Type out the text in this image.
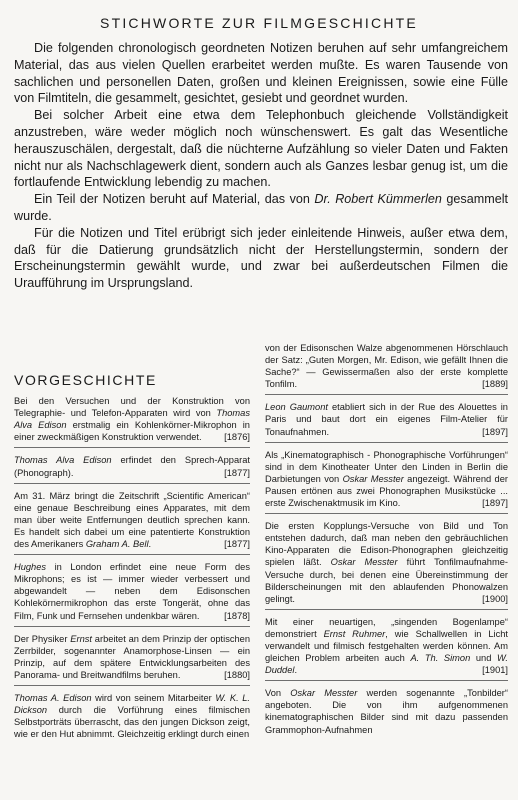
STICHWORTE ZUR FILMGESCHICHTE

Die folgenden chronologisch geordneten Notizen beruhen auf sehr umfangreichem Material, das aus vielen Quellen erarbeitet werden mußte. Es waren Tausende von sachlichen und personellen Daten, großen und kleinen Ereignissen, sowie eine Fülle von Filmtiteln, die gesammelt, gesichtet, gesiebt und geordnet wurden.

Bei solcher Arbeit eine etwa dem Telephonbuch gleichende Vollständigkeit anzustreben, wäre weder möglich noch wünschenswert. Es galt das Wesentliche herauszuschälen, dergestalt, daß die nüchterne Aufzählung so vieler Daten und Fakten nicht nur als Nachschlagewerk dient, sondern auch als Ganzes lesbar genug ist, um die fortlaufende Entwicklung lebendig zu machen.

Ein Teil der Notizen beruht auf Material, das von Dr. Robert Kümmerlen gesammelt wurde.

Für die Notizen und Titel erübrigt sich jeder einleitende Hinweis, außer etwa dem, daß für die Datierung grundsätzlich nicht der Herstellungstermin, sondern der Erscheinungstermin gewählt wurde, und zwar bei außerdeutschen Filmen die Uraufführung im Ursprungsland.

VORGESCHICHTE
Bei den Versuchen und der Konstruktion von Telegraphie- und Telefon-Apparaten wird von Thomas Alva Edison erstmalig ein Kohlenkörner-Mikrophon in einer zweckmäßigen Konstruktion verwendet. [1876]
Thomas Alva Edison erfindet den Sprech-Apparat (Phonograph).	[1877]
Am 31. März bringt die Zeitschrift „Scientific American“ eine genaue Beschreibung eines Apparates, mit dem man über weite Entfernungen deutlich sprechen kann. Es handelt sich dabei um eine patentierte Konstruktion des Amerikaners Graham A. Bell.	[1877]
Hughes in London erfindet eine neue Form des Mikrophons; es ist — immer wieder verbessert und abgewandelt — neben dem Edisonschen Kohlekörnermikrophon das erste Tongerät, ohne das Film, Funk und Fernsehen undenkbar wären.	[1878]
Der Physiker Ernst arbeitet an dem Prinzip der optischen Zerrbilder, sogenannter Anamorphose-Linsen — ein Prinzip, auf dem spätere Entwicklungsarbeiten des Panorama- und Breitwandfilms beruhen.	[1880]
Thomas A. Edison wird von seinem Mitarbeiter W. K. L. Dickson durch die Vorführung eines filmischen Selbstporträts überrascht, das den jungen Dickson zeigt, wie er den Hut abnimmt. Gleichzeitig erklingt durch einen
von der Edisonschen Walze abgenommenen Hörschlauch der Satz: „Guten Morgen, Mr. Edison, wie gefällt Ihnen die Sache?“ — Gewissermaßen also der erste komplette Tonfilm.	[1889]
Leon Gaumont etabliert sich in der Rue des Alouettes in Paris und baut dort ein eigenes Film-Atelier für Tonaufnahmen.	[1897]
Als „Kinematographisch - Phonographische Vorführungen“ sind in dem Kinotheater Unter den Linden in Berlin die Darbietungen von Oskar Messter angezeigt. Während der Pausen ertönen aus zwei Phonographen Musikstücke ... erste Zwischenaktmusik im Kino.	[1897]
Die ersten Kopplungs-Versuche von Bild und Ton entstehen dadurch, daß man neben den gebräuchlichen Kino-Apparaten die Edison-Phonographen gleichzeitig spielen läßt. Oskar Messter führt Tonfilmaufnahme-Versuche durch, bei denen eine Übereinstimmung der Bilderscheinungen mit den ablaufenden Phonowalzen gelingt.	[1900]
Mit einer neuartigen, „singenden Bogenlampe“ demonstriert Ernst Ruhmer, wie Schallwellen in Licht verwandelt und filmisch festgehalten werden können. Am gleichen Problem arbeiten auch A. Th. Simon und W. Duddel.	[1901]
Von Oskar Messter werden sogenannte „Tonbilder“ angeboten. Die von ihm aufgenommenen kinematographischen Bilder sind mit dazu passenden Grammophon-Aufnahmen
